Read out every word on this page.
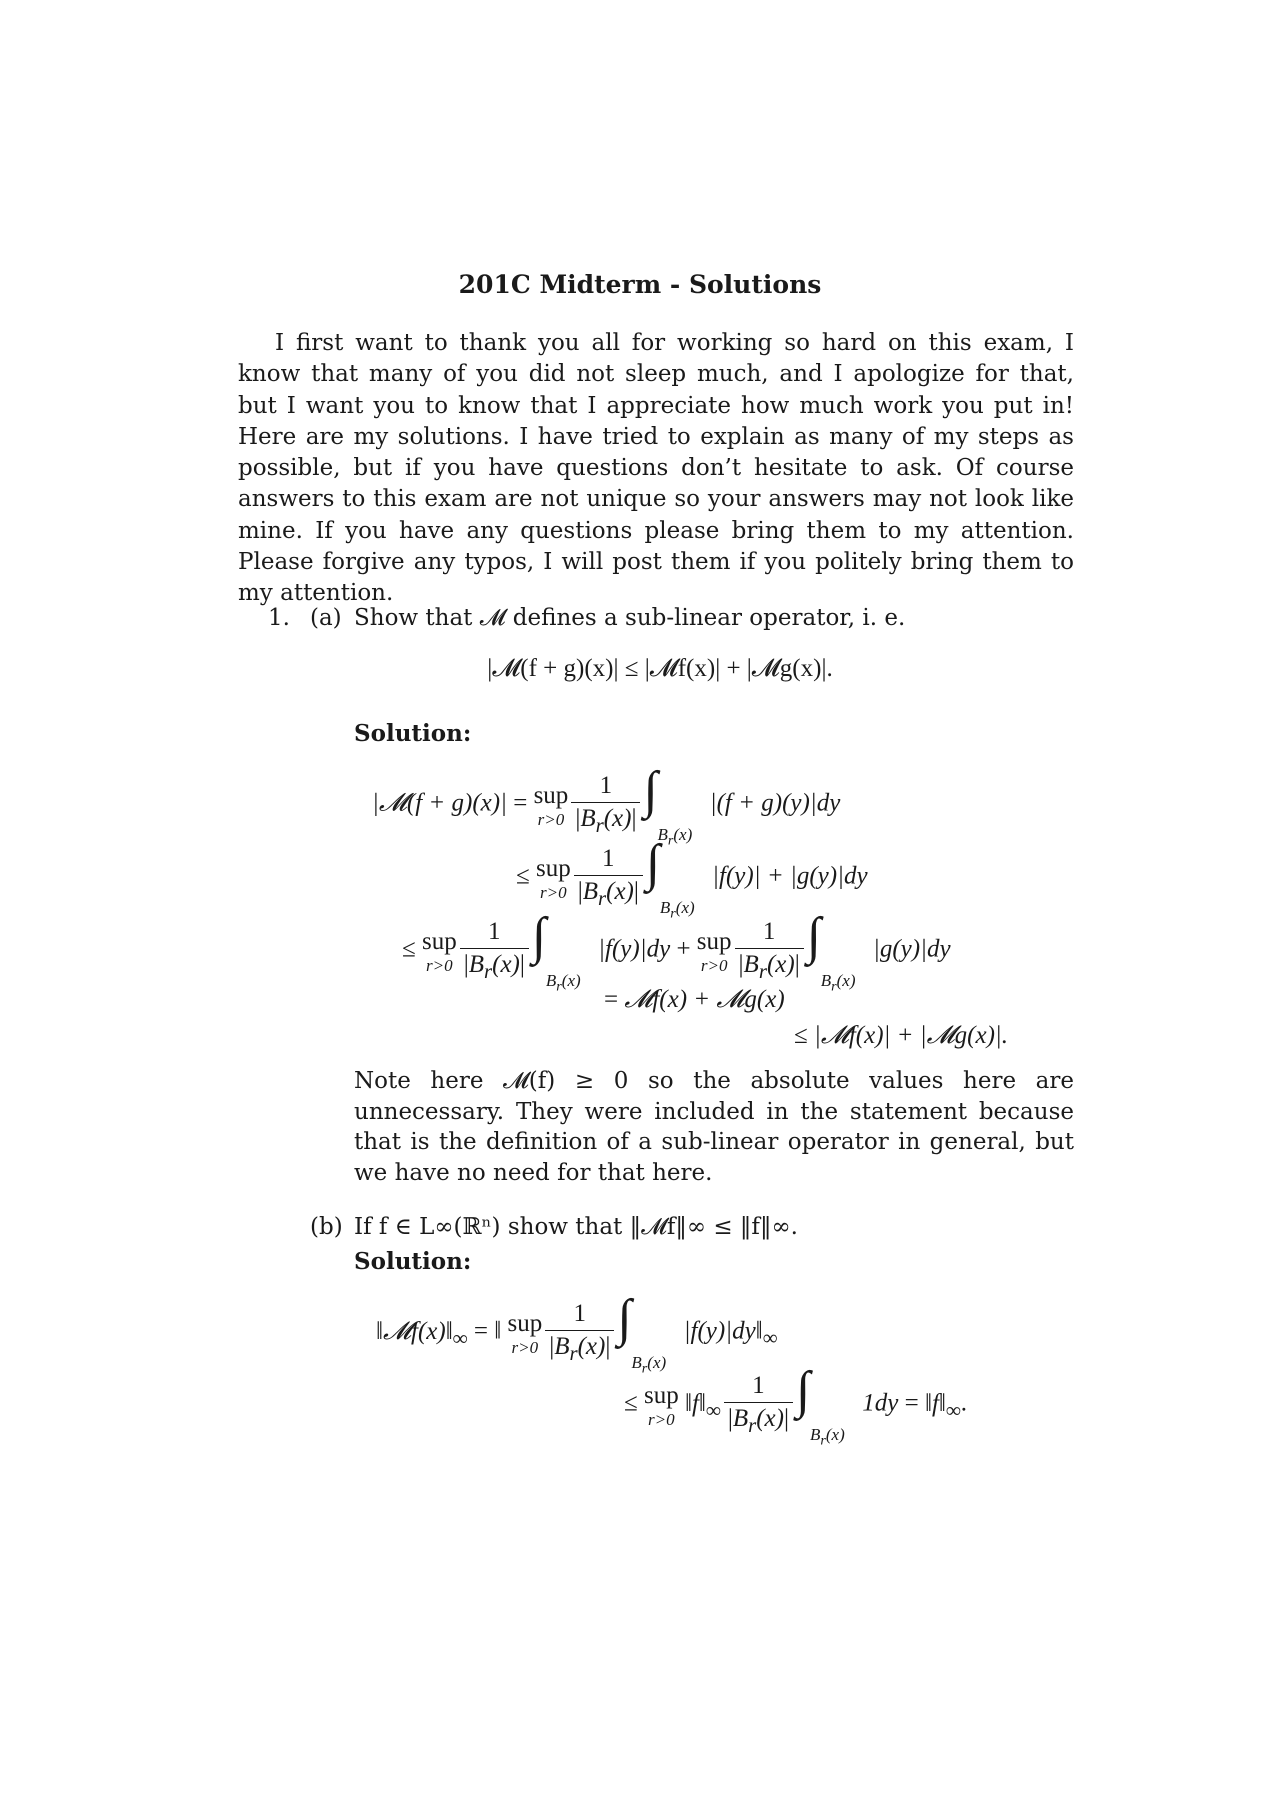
201C Midterm - Solutions

I first want to thank you all for working so hard on this exam, I know that many of you did not sleep much, and I apologize for that, but I want you to know that I appreciate how much work you put in! Here are my solutions. I have tried to explain as many of my steps as possible, but if you have questions don’t hesitate to ask. Of course answers to this exam are not unique so your answers may not look like mine. If you have any questions please bring them to my attention. Please forgive any typos, I will post them if you politely bring them to my attention.

1. (a) Show that 𝓜 defines a sub-linear operator, i. e.
|𝓜(f + g)(x)| ≤ |𝓜f(x)| + |𝓜g(x)|.
Solution:
|𝓜(f + g)(x)| = sup
$r>0 \frac{1}{|B_r(x)|}$ ∫
$B_r(x)$
|(f + g)(y)|dy
≤ sup
$r>0 \frac{1}{|B_r(x)|}$ ∫
$B_r(x)$
|f(y)| + |g(y)|dy
≤ sup
$r>0 \frac{1}{|B_r(x)|}$ ∫
$B_r(x)$
|f(y)|dy + sup
$r>0 \frac{1}{|B_r(x)|}$ ∫
$B_r(x)$
|g(y)|dy
= 𝓜f(x) + 𝓜g(x)
≤ |𝓜f(x)| + |𝓜g(x)|.

Note here 𝓜(f) ≥ 0 so the absolute values here are unnecessary. They were included in the statement because that is the definition of a sub-linear operator in general, but we have no need for that here.

(b) If f ∈ L∞(ℝⁿ) show that ‖𝓜f‖∞ ≤ ‖f‖∞.
Solution:
$‖𝓜f(x)‖_\infty$ = ‖ sup
$r>0 \frac{1}{|B_r(x)|}$ ∫
$B_r(x)$
$|f(y)|dy‖_\infty$
≤ sup
r>0
$‖f‖_\infty \frac{1}{|B_r(x)|}$ ∫
$B_r(x)$
$1dy = ‖f‖_\infty$.
